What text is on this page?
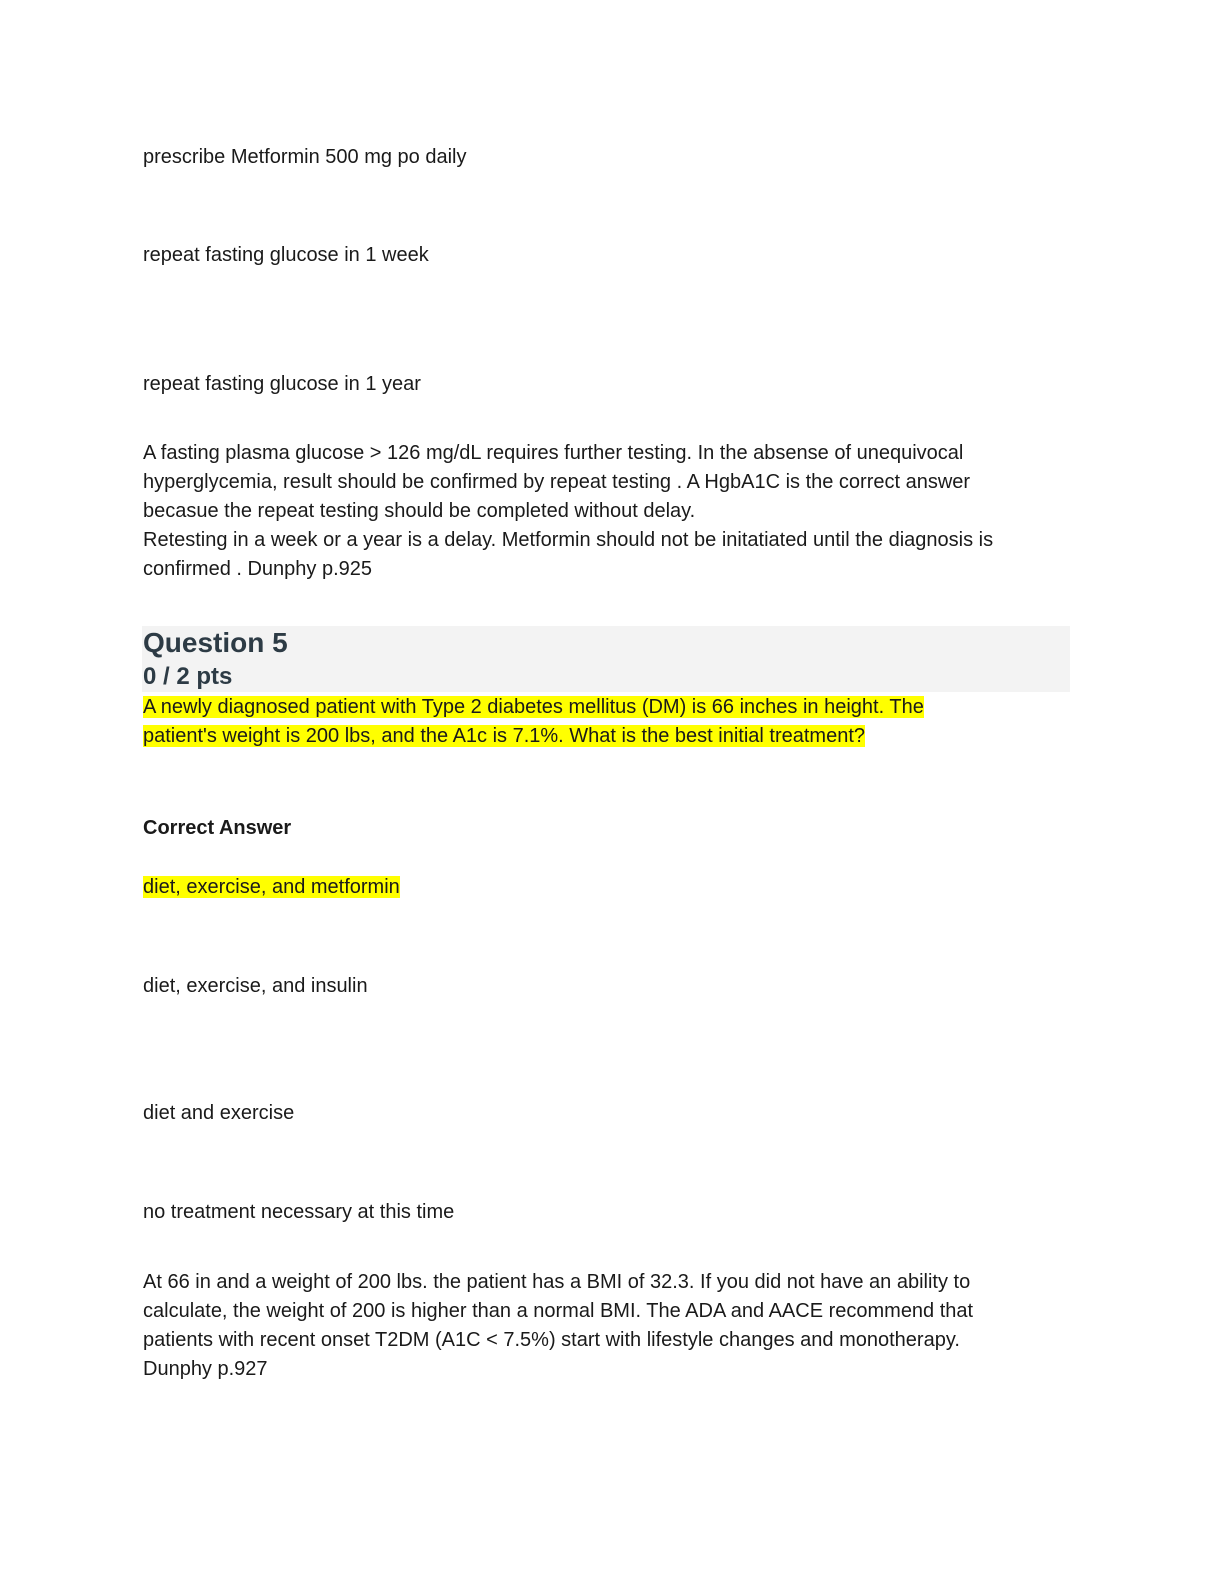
prescribe Metformin 500 mg po daily
repeat fasting glucose in 1 week
repeat fasting glucose in 1 year
A fasting plasma glucose > 126 mg/dL requires further testing. In the absense of unequivocal
hyperglycemia, result should be confirmed by repeat testing . A HgbA1C is the correct answer
becasue the repeat testing should be completed without delay.
Retesting in a week or a year is a delay. Metformin should not be initatiated until the diagnosis is
confirmed . Dunphy p.925
Question 5
0 / 2 pts
A newly diagnosed patient with Type 2 diabetes mellitus (DM) is 66 inches in height. The
patient's weight is 200 lbs, and the A1c is 7.1%. What is the best initial treatment?
Correct Answer
diet, exercise, and metformin
diet, exercise, and insulin
diet and exercise
no treatment necessary at this time
At 66 in and a weight of 200 lbs. the patient has a BMI of 32.3. If you did not have an ability to
calculate, the weight of 200 is higher than a normal BMI. The ADA and AACE recommend that
patients with recent onset T2DM (A1C < 7.5%) start with lifestyle changes and monotherapy.
Dunphy p.927
